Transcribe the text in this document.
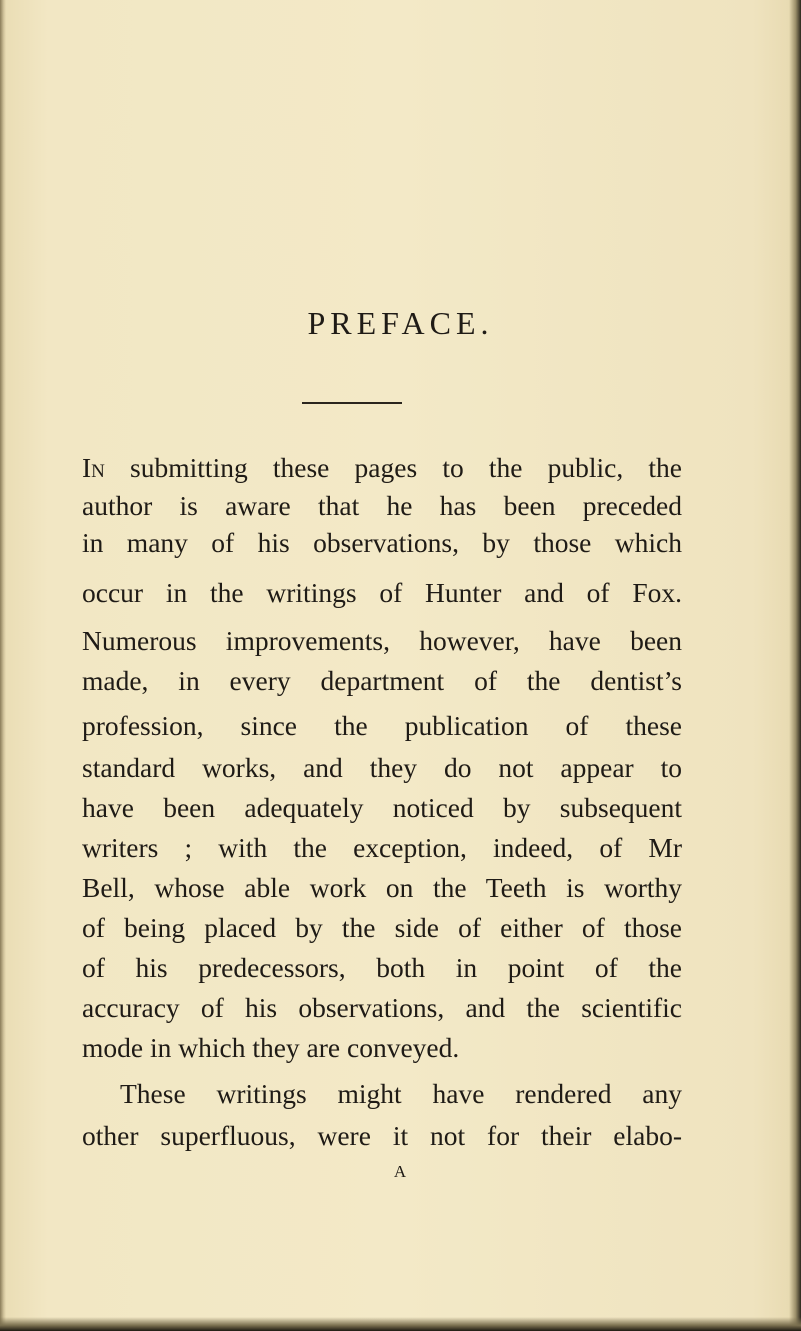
PREFACE.
In submitting these pages to the public, the
author is aware that he has been preceded
in many of his observations, by those which
occur in the writings of Hunter and of Fox.
Numerous improvements, however, have been
made, in every department of the dentist’s
profession, since the publication of these
standard works, and they do not appear to
have been adequately noticed by subsequent
writers ; with the exception, indeed, of Mr
Bell, whose able work on the Teeth is worthy
of being placed by the side of either of those
of his predecessors, both in point of the
accuracy of his observations, and the scientific
mode in which they are conveyed.
These writings might have rendered any
other superfluous, were it not for their elabo-
A
